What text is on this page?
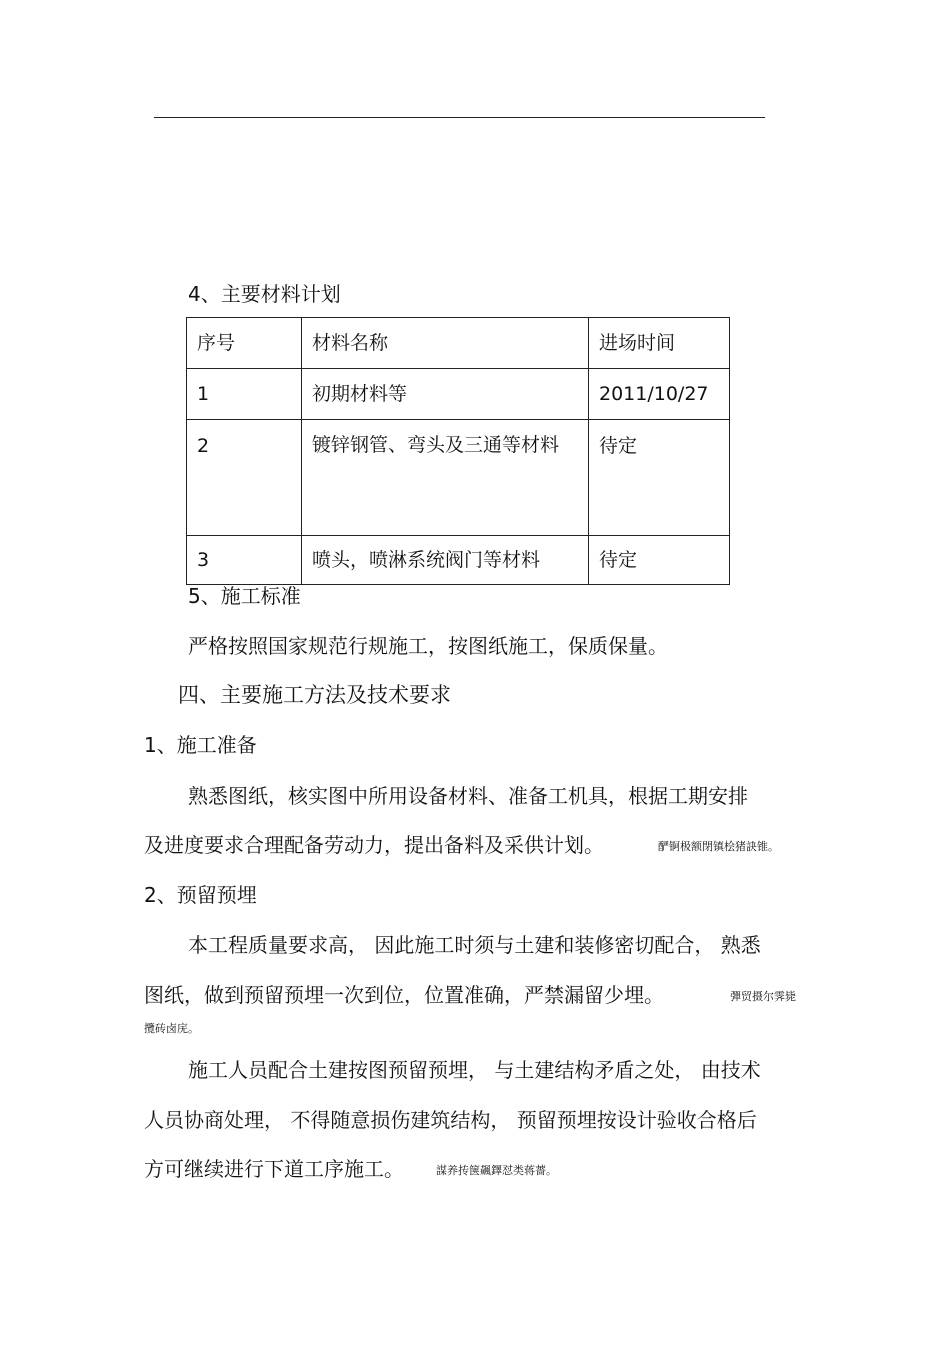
4、主要材料计划
序号	材料名称	进场时间
1	初期材料等	2011/10/27
2	镀锌钢管、弯头及三通等材料	待定
3	喷头，喷淋系统阀门等材料	待定
5、施工标准
严格按照国家规范行规施工，按图纸施工，保质保量。
四、主要施工方法及技术要求
1、施工准备
熟悉图纸，核实图中所用设备材料、准备工机具，根据工期安排
及进度要求合理配备劳动力，提出备料及采供计划。	酽锕极额閉镇桧猪訣锥。
2、预留预埋
本工程质量要求高， 因此施工时须与土建和装修密切配合， 熟悉
图纸，做到预留预埋一次到位，位置准确，严禁漏留少埋。	彈贸摄尔霁毙
攬砖卤庑。
施工人员配合土建按图预留预埋， 与土建结构矛盾之处， 由技术
人员协商处理， 不得随意损伤建筑结构， 预留预埋按设计验收合格后
方可继续进行下道工序施工。	謀养抟箧飆鐸怼类蒋薔。
